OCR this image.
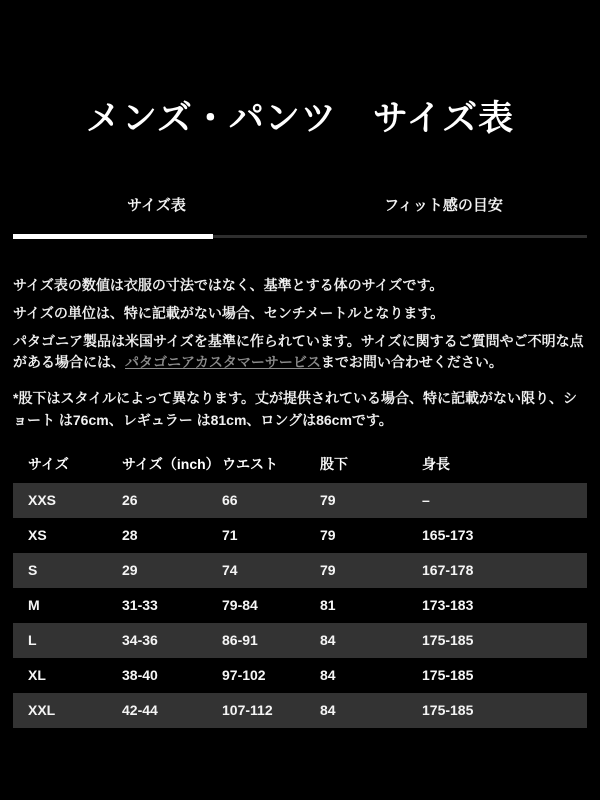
メンズ・パンツ　サイズ表
サイズ表	フィット感の目安

サイズ表の数値は衣服の寸法ではなく、基準とする体のサイズです。

サイズの単位は、特に記載がない場合、センチメートルとなります。

パタゴニア製品は米国サイズを基準に作られています。サイズに関するご質問やご不明な点がある場合には、パタゴニアカスタマーサービスまでお問い合わせください。

*股下はスタイルによって異なります。丈が提供されている場合、特に記載がない限り、ショート は76cm、レギュラー は81cm、ロングは86cmです。
サイズ	サイズ（inch）	ウエスト	股下	身長
XXS	26	66	79	–
XS	28	71	79	165-173
S	29	74	79	167-178
M	31-33	79-84	81	173-183
L	34-36	86-91	84	175-185
XL	38-40	97-102	84	175-185
XXL	42-44	107-112	84	175-185
